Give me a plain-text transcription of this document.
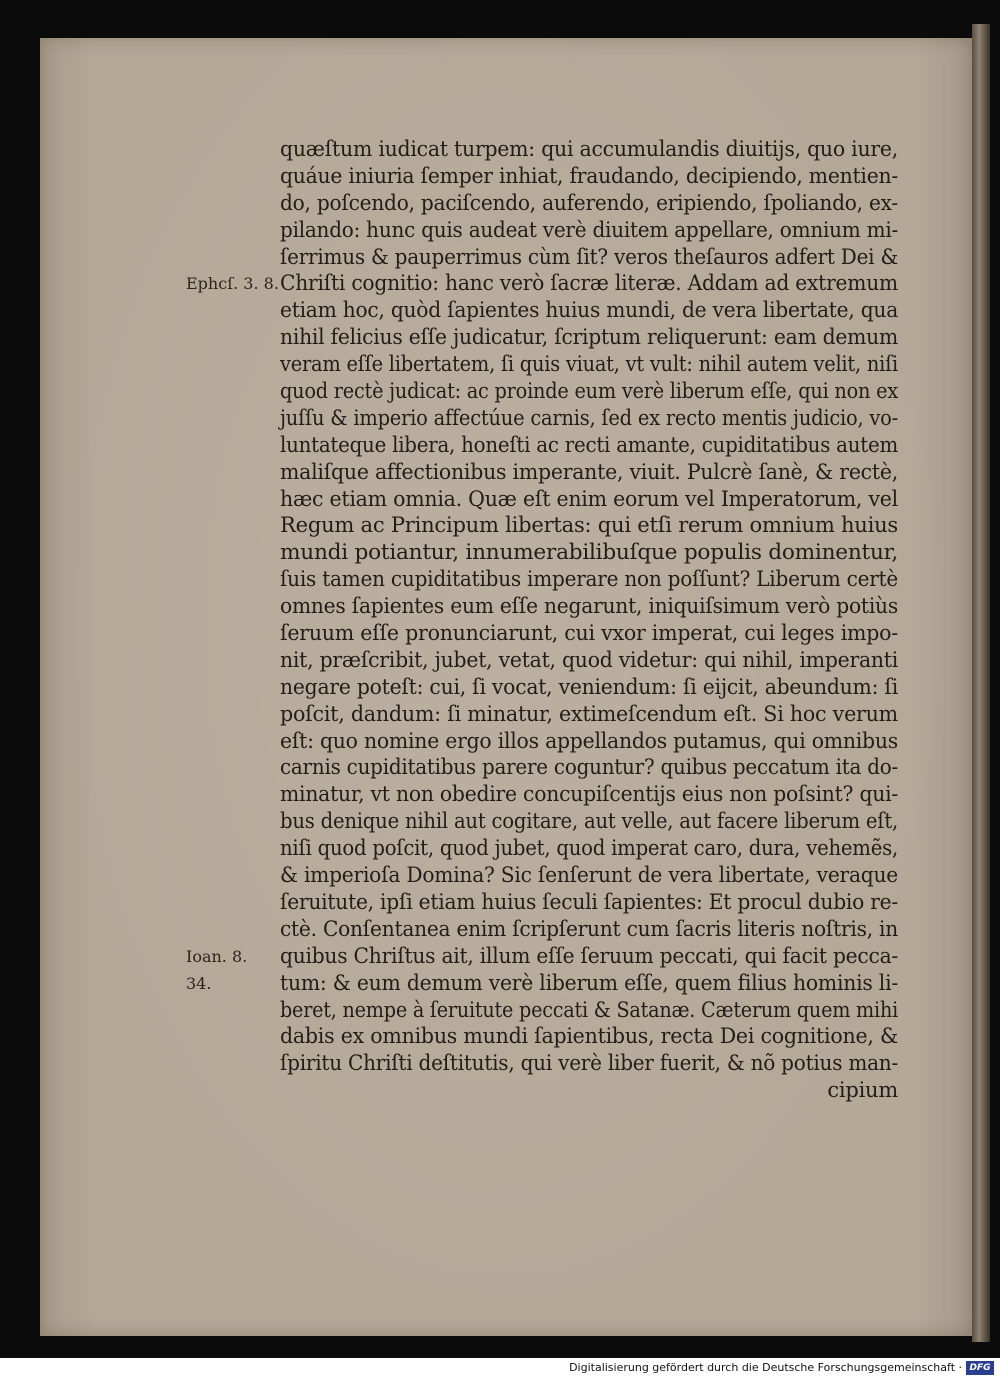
Ephcſ. 3. 8.

Ioan. 8.

34.

quæſtum iudicat turpem: qui accumulandis diuitijs, quo iure,
quáue iniuria ſemper inhiat, fraudando, decipiendo, mentien-
do, poſcendo, paciſcendo, auferendo, eripiendo, ſpoliando, ex-
pilando: hunc quis audeat verè diuitem appellare, omnium mi-
ſerrimus & pauperrimus cùm ſit? veros theſauros adfert Dei &
Chriſti cognitio: hanc verò ſacræ literæ. Addam ad extremum
etiam hoc, quòd ſapientes huius mundi, de vera libertate, qua
nihil felicius eſſe judicatur, ſcriptum reliquerunt: eam demum
veram eſſe libertatem, ſi quis viuat, vt vult: nihil autem velit, niſi
quod rectè judicat: ac proinde eum verè liberum eſſe, qui non ex
juſſu & imperio affectúue carnis, ſed ex recto mentis judicio, vo-
luntateque libera, honeſti ac recti amante, cupiditatibus autem
maliſque affectionibus imperante, viuit. Pulcrè ſanè, & rectè,
hæc etiam omnia. Quæ eſt enim eorum vel Imperatorum, vel
Regum ac Principum libertas: qui etſi rerum omnium huius
mundi potiantur, innumerabilibuſque populis dominentur,
ſuis tamen cupiditatibus imperare non poſſunt? Liberum certè
omnes ſapientes eum eſſe negarunt, iniquiſsimum verò potiùs
ſeruum eſſe pronunciarunt, cui vxor imperat, cui leges impo-
nit, præſcribit, jubet, vetat, quod videtur: qui nihil, imperanti
negare poteſt: cui, ſi vocat, veniendum: ſi eijcit, abeundum: ſi
poſcit, dandum: ſi minatur, extimeſcendum eſt. Si hoc verum
eſt: quo nomine ergo illos appellandos putamus, qui omnibus
carnis cupiditatibus parere coguntur? quibus peccatum ita do-
minatur, vt non obedire concupiſcentijs eius non poſsint? qui-
bus denique nihil aut cogitare, aut velle, aut facere liberum eſt,
niſi quod poſcit, quod jubet, quod imperat caro, dura, vehemẽs,
& imperioſa Domina? Sic ſenſerunt de vera libertate, veraque
ſeruitute, ipſi etiam huius ſeculi ſapientes: Et procul dubio re-
ctè. Conſentanea enim ſcripſerunt cum ſacris literis noſtris, in
quibus Chriſtus ait, illum eſſe ſeruum peccati, qui facit pecca-
tum: & eum demum verè liberum eſſe, quem filius hominis li-
beret, nempe à ſeruitute peccati & Satanæ. Cæterum quem mihi
dabis ex omnibus mundi ſapientibus, recta Dei cognitione, &
ſpiritu Chriſti deſtitutis, qui verè liber fuerit, & nõ potius man-
cipium
Digitalisierung gefördert durch die Deutsche Forschungsgemeinschaft · DFG
